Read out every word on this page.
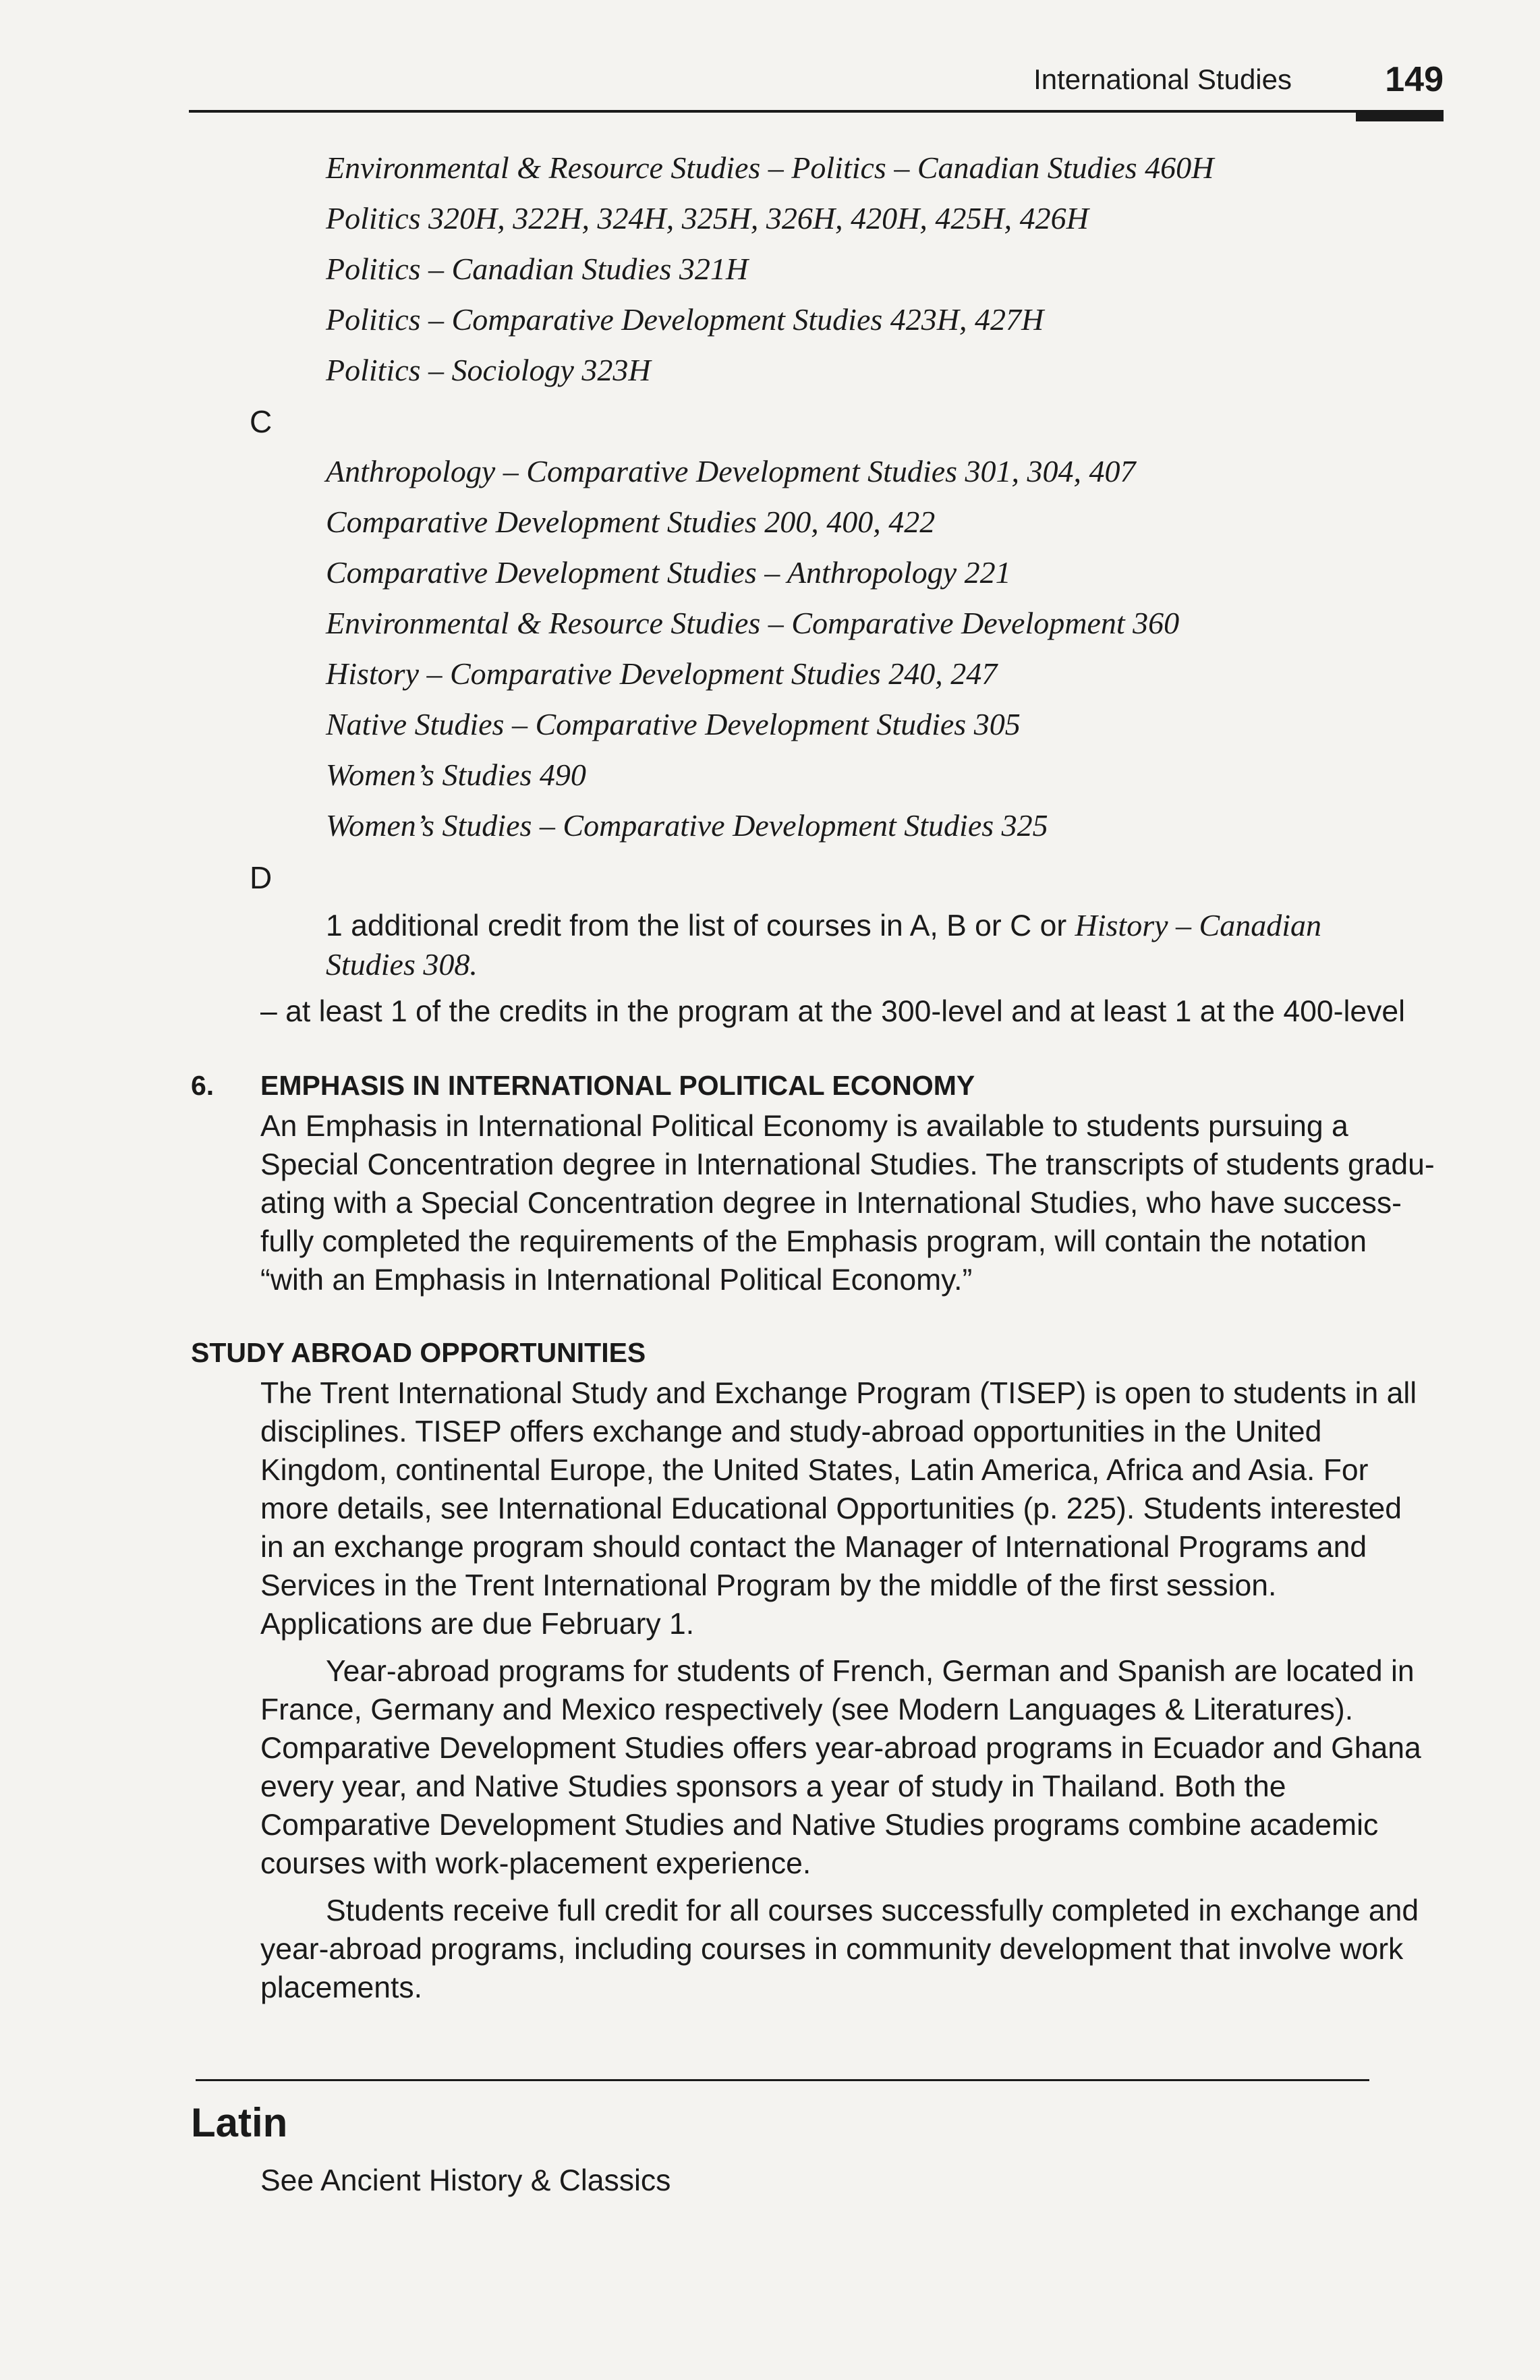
International Studies	149
Environmental & Resource Studies – Politics – Canadian Studies 460H
Politics 320H, 322H, 324H, 325H, 326H, 420H, 425H, 426H
Politics – Canadian Studies 321H
Politics – Comparative Development Studies 423H, 427H
Politics – Sociology 323H
C
Anthropology – Comparative Development Studies 301, 304, 407
Comparative Development Studies 200, 400, 422
Comparative Development Studies – Anthropology 221
Environmental & Resource Studies – Comparative Development 360
History – Comparative Development Studies 240, 247
Native Studies – Comparative Development Studies 305
Women’s Studies 490
Women’s Studies – Comparative Development Studies 325
D
1 additional credit from the list of courses in A, B or C or History – Canadian
Studies 308.
– at least 1 of the credits in the program at the 300-level and at least 1 at the 400-level
6. EMPHASIS IN INTERNATIONAL POLITICAL ECONOMY
An Emphasis in International Political Economy is available to students pursuing a
Special Concentration degree in International Studies. The transcripts of students gradu-
ating with a Special Concentration degree in International Studies, who have success-
fully completed the requirements of the Emphasis program, will contain the notation
“with an Emphasis in International Political Economy.”
STUDY ABROAD OPPORTUNITIES
The Trent International Study and Exchange Program (TISEP) is open to students in all
disciplines. TISEP offers exchange and study-abroad opportunities in the United
Kingdom, continental Europe, the United States, Latin America, Africa and Asia. For
more details, see International Educational Opportunities (p. 225). Students interested
in an exchange program should contact the Manager of International Programs and
Services in the Trent International Program by the middle of the first session.
Applications are due February 1.
Year-abroad programs for students of French, German and Spanish are located in
France, Germany and Mexico respectively (see Modern Languages & Literatures).
Comparative Development Studies offers year-abroad programs in Ecuador and Ghana
every year, and Native Studies sponsors a year of study in Thailand. Both the
Comparative Development Studies and Native Studies programs combine academic
courses with work-placement experience.
Students receive full credit for all courses successfully completed in exchange and
year-abroad programs, including courses in community development that involve work
placements.
Latin
See Ancient History & Classics
